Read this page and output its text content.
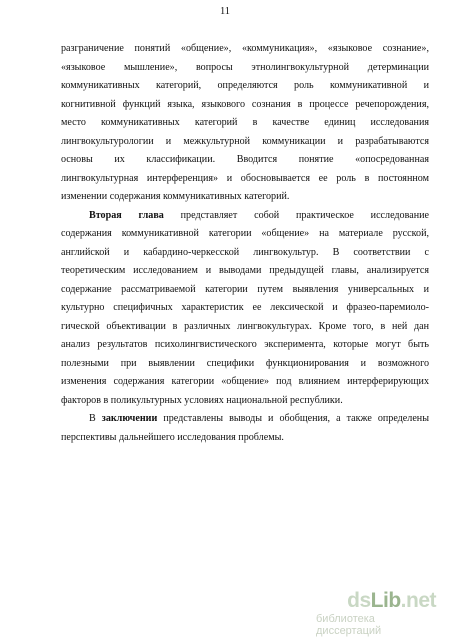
11
разграничение понятий «общение», «коммуникация», «языковое сознание»,
«языковое мышление», вопросы этнолингвокультурной детерминации
коммуникативных категорий, определяются роль коммуникативной и
когнитивной функций языка, языкового сознания в процессе речепорождения,
место коммуникативных категорий в качестве единиц исследования
лингвокультурологии и межкультурной коммуникации и разрабатываются
основы их классификации. Вводится понятие «опосредованная
лингвокультурная интерференция» и обосновывается ее роль в постоянном
изменении содержания коммуникативных категорий.
Вторая глава представляет собой практическое исследование
содержания коммуникативной категории «общение» на материале русской,
английской и кабардино-черкесской лингвокультур. В соответствии с
теоретическим исследованием и выводами предыдущей главы, анализируется
содержание рассматриваемой категории путем выявления универсальных и
культурно специфичных характеристик ее лексической и фразео-паремиоло-
гической объективации в различных лингвокультурах. Кроме того, в ней дан
анализ результатов психолингвистического эксперимента, которые могут быть
полезными при выявлении специфики функционирования и возможного
изменения содержания категории «общение» под влиянием интерферирующих
факторов в поликультурных условиях национальной республики.
В заключении представлены выводы и обобщения, а также определены
перспективы дальнейшего исследования проблемы.
dsLib.net
библиотека диссертаций
